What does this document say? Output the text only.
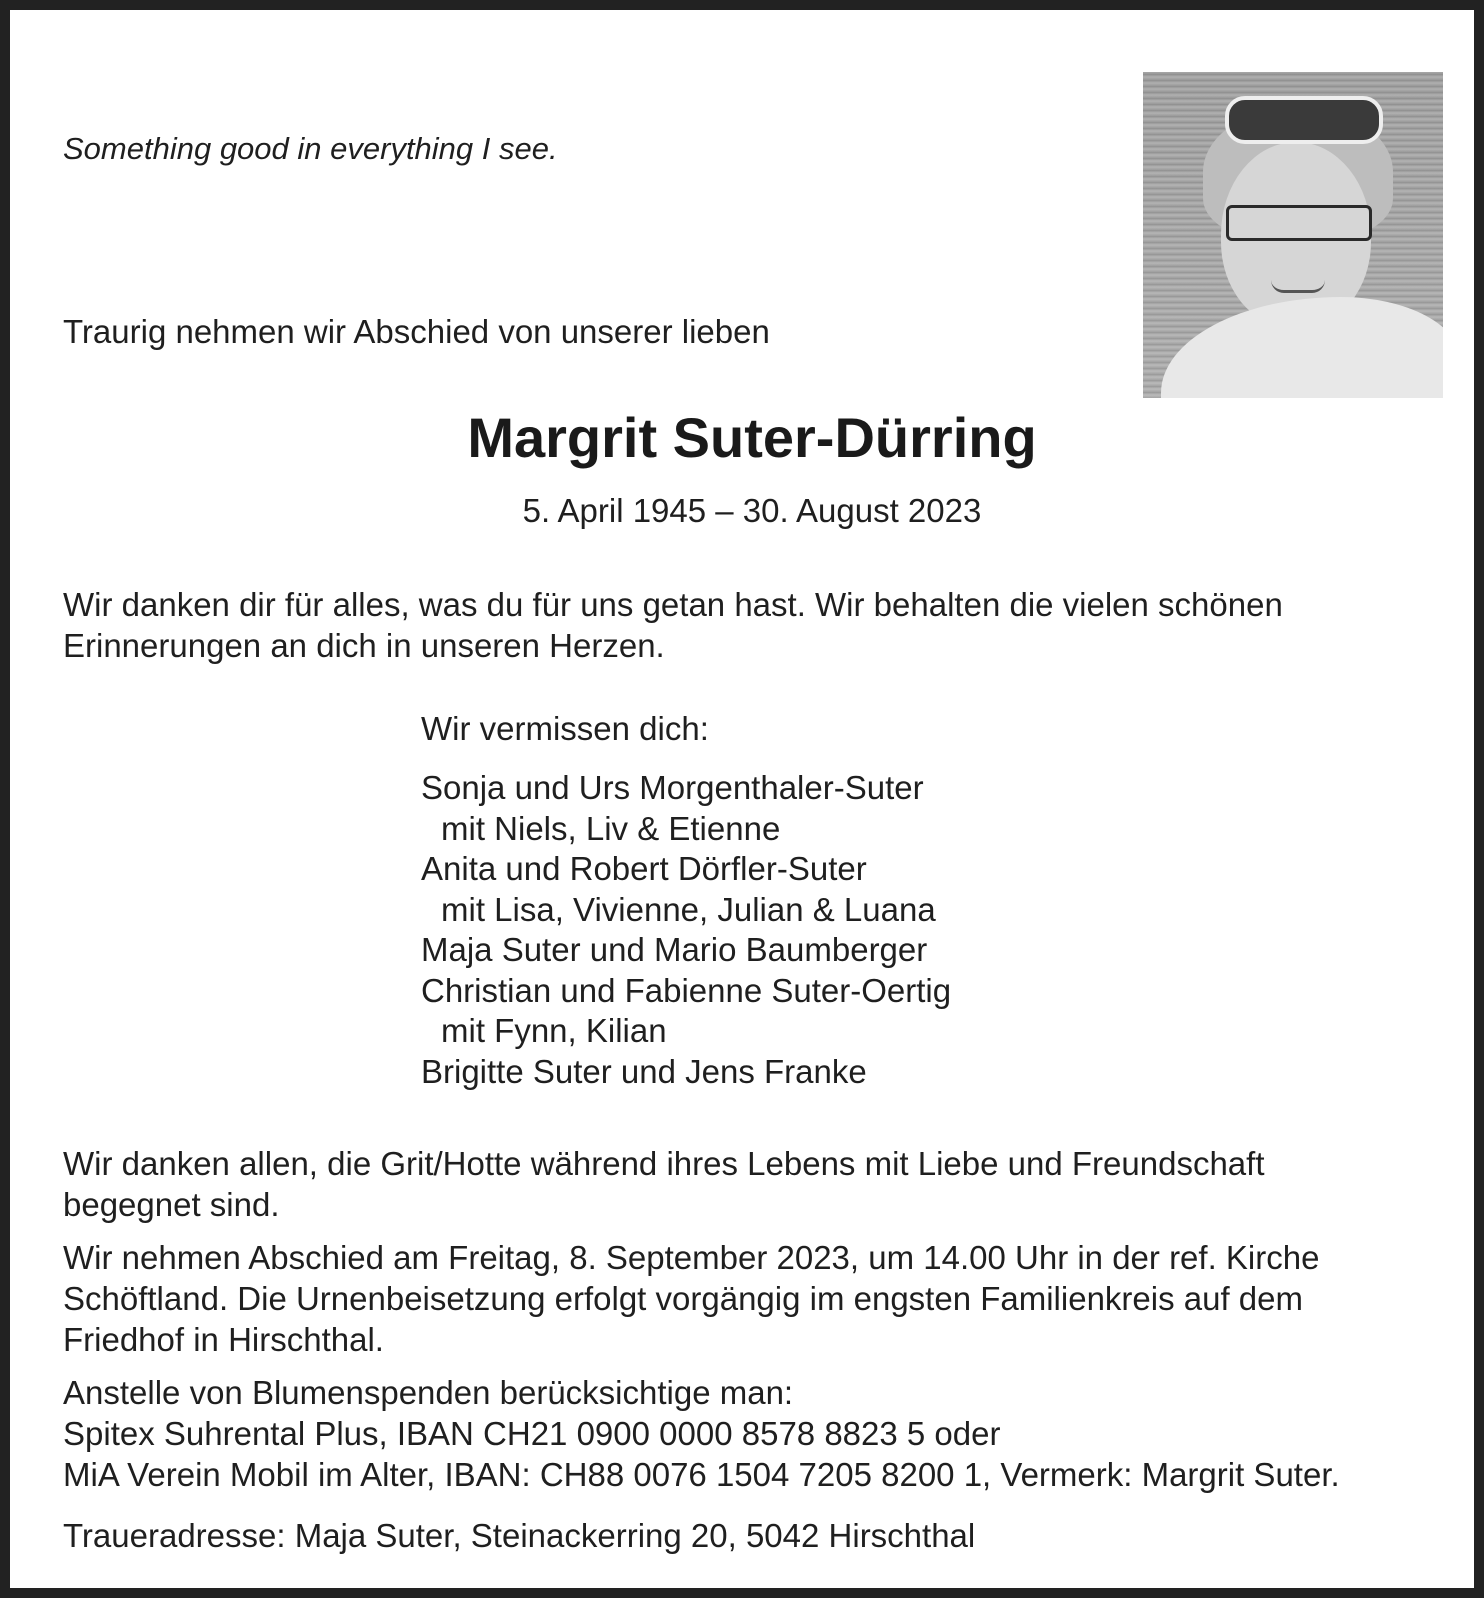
Something good in everything I see.
Traurig nehmen wir Abschied von unserer lieben
Margrit Suter-Dürring
5. April 1945 – 30. August 2023
Wir danken dir für alles, was du für uns getan hast. Wir behalten die vielen schönen Erinnerungen an dich in unseren Herzen.
Wir vermissen dich:
Sonja und Urs Morgenthaler-Suter
mit Niels, Liv & Etienne
Anita und Robert Dörfler-Suter
mit Lisa, Vivienne, Julian & Luana
Maja Suter und Mario Baumberger
Christian und Fabienne Suter-Oertig
mit Fynn, Kilian
Brigitte Suter und Jens Franke
Wir danken allen, die Grit/Hotte während ihres Lebens mit Liebe und Freundschaft
begegnet sind.
Wir nehmen Abschied am Freitag, 8. September 2023, um 14.00 Uhr in der ref. Kirche
Schöftland. Die Urnenbeisetzung erfolgt vorgängig im engsten Familienkreis auf dem
Friedhof in Hirschthal.
Anstelle von Blumenspenden berücksichtige man:
Spitex Suhrental Plus, IBAN CH21 0900 0000 8578 8823 5 oder
MiA Verein Mobil im Alter, IBAN: CH88 0076 1504 7205 8200 1, Vermerk: Margrit Suter.
Traueradresse: Maja Suter, Steinackerring 20, 5042 Hirschthal
